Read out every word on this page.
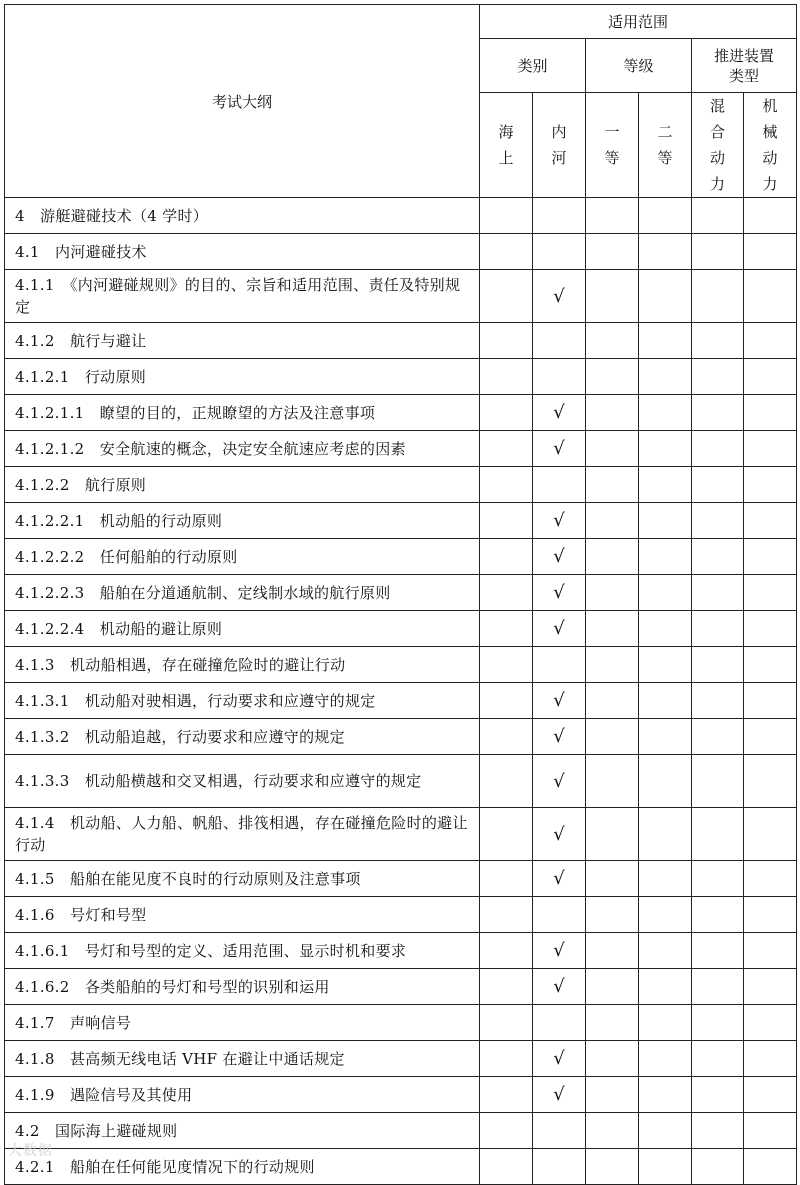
考试大纲	适用范围					
	类别		等级		推进装置类型	
	海上	内河	一等	二等	混合动力	机械动力
4　游艇避碰技术（4 学时）						
4.1　内河避碰技术						
4.1.1　《内河避碰规则》的目的、宗旨和适用范围、责任及特别规定		√				
4.1.2　航行与避让						
4.1.2.1　行动原则						
4.1.2.1.1　瞭望的目的，正规瞭望的方法及注意事项		√				
4.1.2.1.2　安全航速的概念，决定安全航速应考虑的因素		√				
4.1.2.2　航行原则						
4.1.2.2.1　机动船的行动原则		√				
4.1.2.2.2　任何船舶的行动原则		√				
4.1.2.2.3　船舶在分道通航制、定线制水域的航行原则		√				
4.1.2.2.4　机动船的避让原则		√				
4.1.3　机动船相遇，存在碰撞危险时的避让行动						
4.1.3.1　机动船对驶相遇，行动要求和应遵守的规定		√				
4.1.3.2　机动船追越，行动要求和应遵守的规定		√				
4.1.3.3　机动船横越和交叉相遇，行动要求和应遵守的规定		√				
4.1.4　机动船、人力船、帆船、排筏相遇，存在碰撞危险时的避让行动		√				
4.1.5　船舶在能见度不良时的行动原则及注意事项		√				
4.1.6　号灯和号型						
4.1.6.1　号灯和号型的定义、适用范围、显示时机和要求		√				
4.1.6.2　各类船舶的号灯和号型的识别和运用		√				
4.1.7　声响信号						
4.1.8　甚高频无线电话 VHF 在避让中通话规定		√				
4.1.9　遇险信号及其使用		√				
4.2　国际海上避碰规则						
4.2.1　船舶在任何能见度情况下的行动规则						
大数据
